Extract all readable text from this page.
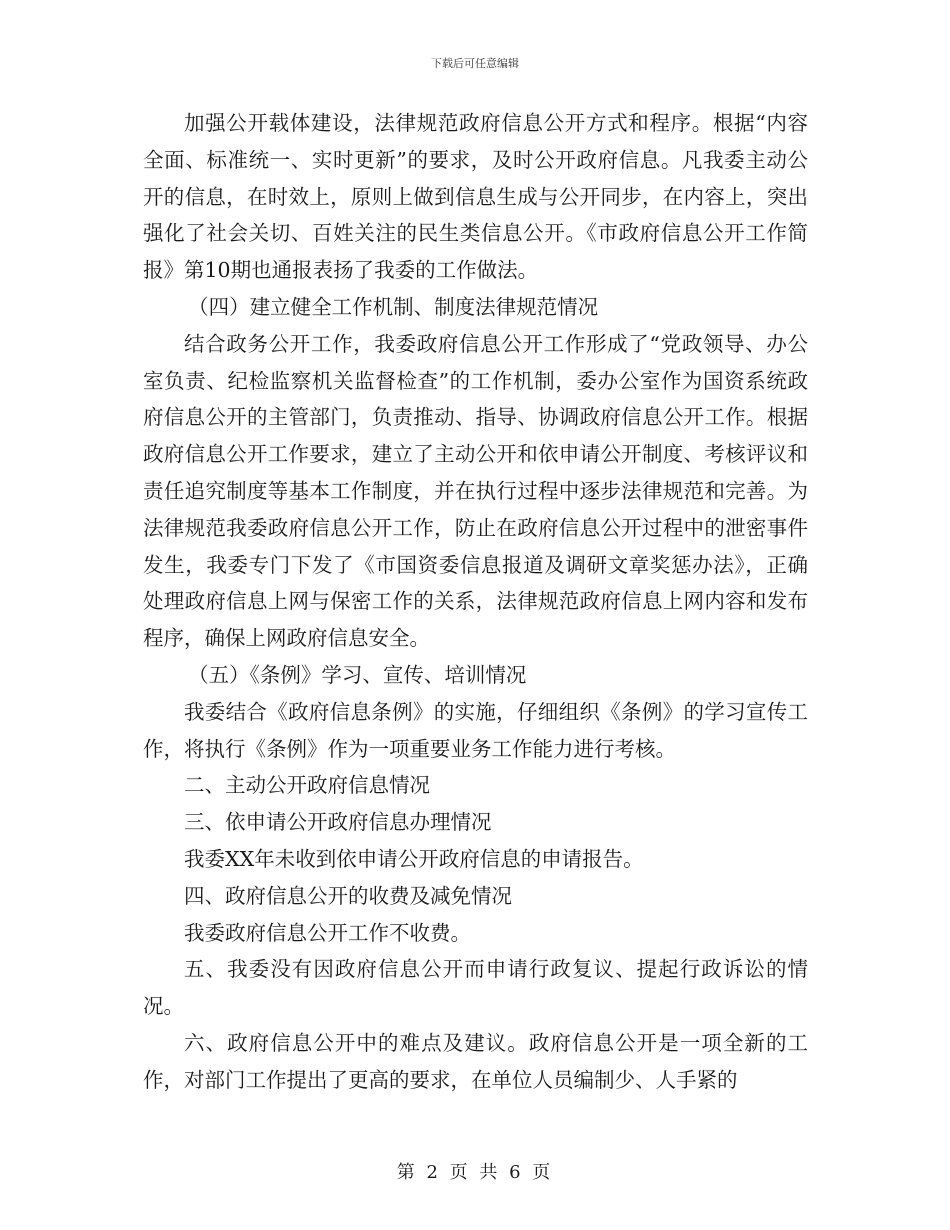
下载后可任意编辑

加强公开载体建设，法律规范政府信息公开方式和程序。根据“内容全面、标准统一、实时更新”的要求，及时公开政府信息。凡我委主动公开的信息，在时效上，原则上做到信息生成与公开同步，在内容上，突出强化了社会关切、百姓关注的民生类信息公开。《市政府信息公开工作简报》第10期也通报表扬了我委的工作做法。

（四）建立健全工作机制、制度法律规范情况

结合政务公开工作，我委政府信息公开工作形成了“党政领导、办公室负责、纪检监察机关监督检查”的工作机制，委办公室作为国资系统政府信息公开的主管部门，负责推动、指导、协调政府信息公开工作。根据政府信息公开工作要求，建立了主动公开和依申请公开制度、考核评议和责任追究制度等基本工作制度，并在执行过程中逐步法律规范和完善。为法律规范我委政府信息公开工作，防止在政府信息公开过程中的泄密事件发生，我委专门下发了《市国资委信息报道及调研文章奖惩办法》，正确处理政府信息上网与保密工作的关系，法律规范政府信息上网内容和发布程序，确保上网政府信息安全。

（五）《条例》学习、宣传、培训情况

我委结合《政府信息条例》的实施，仔细组织《条例》的学习宣传工作，将执行《条例》作为一项重要业务工作能力进行考核。

二、主动公开政府信息情况

三、依申请公开政府信息办理情况

我委XX年未收到依申请公开政府信息的申请报告。

四、政府信息公开的收费及减免情况

我委政府信息公开工作不收费。

五、我委没有因政府信息公开而申请行政复议、提起行政诉讼的情况。

六、政府信息公开中的难点及建议。政府信息公开是一项全新的工作，对部门工作提出了更高的要求，在单位人员编制少、人手紧的

第 2 页 共 6 页
